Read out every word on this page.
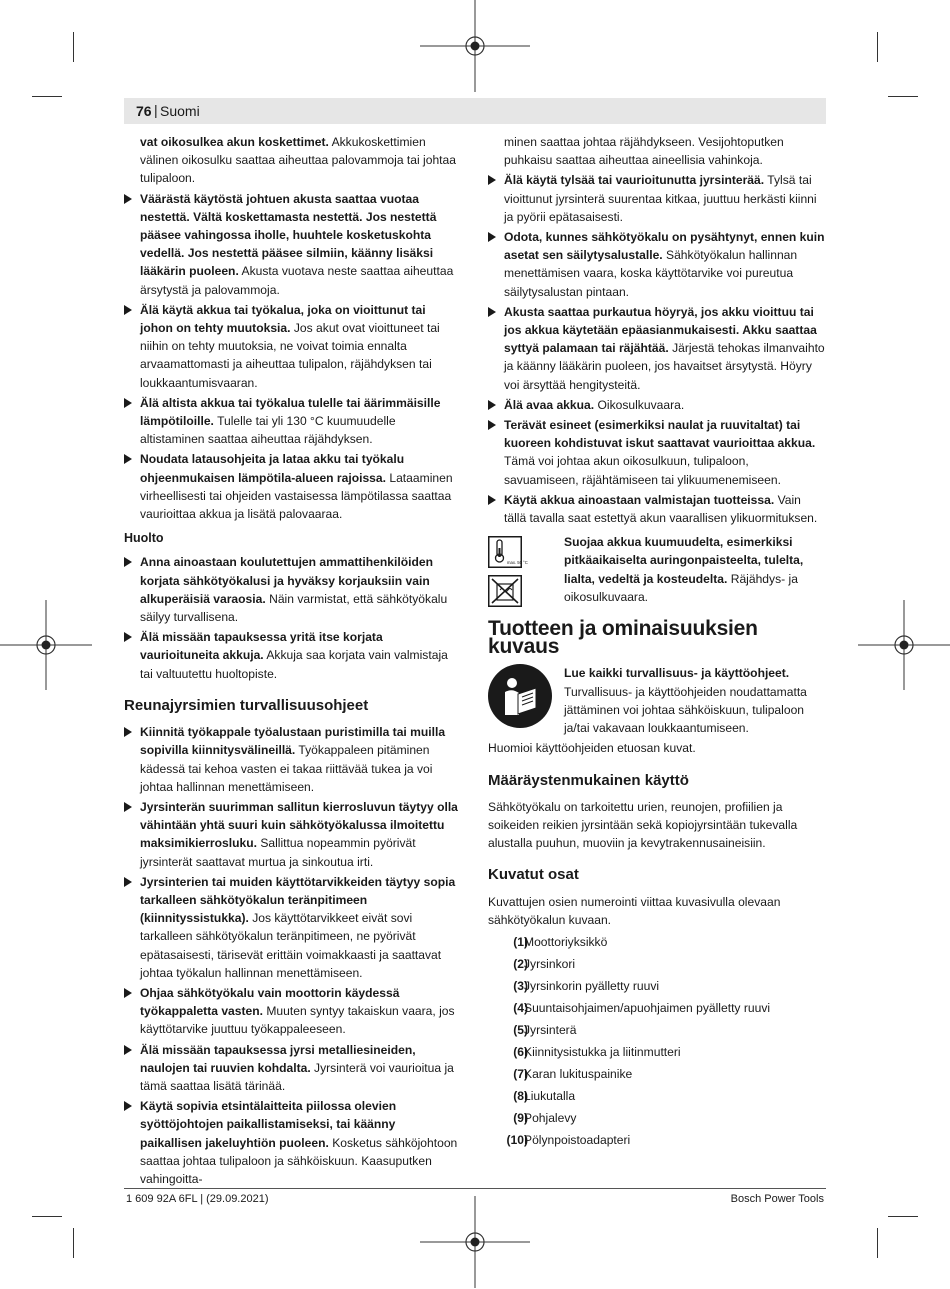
76 | Suomi

vat oikosulkea akun koskettimet. Akkukoskettimien välinen oikosulku saattaa aiheuttaa palovammoja tai johtaa tulipaloon.

Väärästä käytöstä johtuen akusta saattaa vuotaa nestettä. Vältä koskettamasta nestettä. Jos nestettä pääsee vahingossa iholle, huuhtele kosketuskohta vedellä. Jos nestettä pääsee silmiin, käänny lisäksi lääkärin puoleen. Akusta vuotava neste saattaa aiheuttaa ärsytystä ja palovammoja.
Älä käytä akkua tai työkalua, joka on vioittunut tai johon on tehty muutoksia. Jos akut ovat vioittuneet tai niihin on tehty muutoksia, ne voivat toimia ennalta arvaamattomasti ja aiheuttaa tulipalon, räjähdyksen tai loukkaantumisvaaran.
Älä altista akkua tai työkalua tulelle tai äärimmäisille lämpötiloille. Tulelle tai yli 130 °C kuumuudelle altistaminen saattaa aiheuttaa räjähdyksen.
Noudata latausohjeita ja lataa akku tai työkalu ohjeenmukaisen lämpötila-alueen rajoissa. Lataaminen virheellisesti tai ohjeiden vastaisessa lämpötilassa saattaa vaurioittaa akkua ja lisätä palovaaraa.
Huolto
Anna ainoastaan koulutettujen ammattihenkilöiden korjata sähkötyökalusi ja hyväksy korjauksiin vain alkuperäisiä varaosia. Näin varmistat, että sähkötyökalu säilyy turvallisena.
Älä missään tapauksessa yritä itse korjata vaurioituneita akkuja. Akkuja saa korjata vain valmistaja tai valtuutettu huoltopiste.
Reunajyrsimien turvallisuusohjeet
Kiinnitä työkappale työalustaan puristimilla tai muilla sopivilla kiinnitysvälineillä. Työkappaleen pitäminen kädessä tai kehoa vasten ei takaa riittävää tukea ja voi johtaa hallinnan menettämiseen.
Jyrsinterän suurimman sallitun kierrosluvun täytyy olla vähintään yhtä suuri kuin sähkötyökalussa ilmoitettu maksimikierrosluku. Sallittua nopeammin pyörivät jyrsinterät saattavat murtua ja sinkoutua irti.
Jyrsinterien tai muiden käyttötarvikkeiden täytyy sopia tarkalleen sähkötyökalun teränpitimeen (kiinnityssistukka). Jos käyttötarvikkeet eivät sovi tarkalleen sähkötyökalun teränpitimeen, ne pyörivät epätasaisesti, tärisevät erittäin voimakkaasti ja saattavat johtaa työkalun hallinnan menettämiseen.
Ohjaa sähkötyökalu vain moottorin käydessä työkappaletta vasten. Muuten syntyy takaiskun vaara, jos käyttötarvike juuttuu työkappaleeseen.
Älä missään tapauksessa jyrsi metalliesineiden, naulojen tai ruuvien kohdalta. Jyrsinterä voi vaurioitua ja tämä saattaa lisätä tärinää.
Käytä sopivia etsintälaitteita piilossa olevien syöttöjohtojen paikallistamiseksi, tai käänny paikallisen jakeluyhtiön puoleen. Kosketus sähköjohtoon saattaa johtaa tulipaloon ja sähköiskuun. Kaasuputken vahingoitta-

minen saattaa johtaa räjähdykseen. Vesijohtoputken puhkaisu saattaa aiheuttaa aineellisia vahinkoja.

Älä käytä tylsää tai vaurioitunutta jyrsinterää. Tylsä tai vioittunut jyrsinterä suurentaa kitkaa, juuttuu herkästi kiinni ja pyörii epätasaisesti.
Odota, kunnes sähkötyökalu on pysähtynyt, ennen kuin asetat sen säilytysalustalle. Sähkötyökalun hallinnan menettämisen vaara, koska käyttötarvike voi pureutua säilytysalustan pintaan.
Akusta saattaa purkautua höyryä, jos akku vioittuu tai jos akkua käytetään epäasianmukaisesti. Akku saattaa syttyä palamaan tai räjähtää. Järjestä tehokas ilmanvaihto ja käänny lääkärin puoleen, jos havaitset ärsytystä. Höyry voi ärsyttää hengitysteitä.
Älä avaa akkua. Oikosulkuvaara.
Terävät esineet (esimerkiksi naulat ja ruuvitaltat) tai kuoreen kohdistuvat iskut saattavat vaurioittaa akkua. Tämä voi johtaa akun oikosulkuun, tulipaloon, savuamiseen, räjähtämiseen tai ylikuumenemiseen.
Käytä akkua ainoastaan valmistajan tuotteissa. Vain tällä tavalla saat estettyä akun vaarallisen ylikuormituksen.
max. 50 °C
Suojaa akkua kuumuudelta, esimerkiksi pitkäaikaiselta auringonpaisteelta, tulelta, lialta, vedeltä ja kosteudelta. Räjähdys- ja oikosulkuvaara.
Tuotteen ja ominaisuuksien kuvaus
Lue kaikki turvallisuus- ja käyttöohjeet. Turvallisuus- ja käyttöohjeiden noudattamatta jättäminen voi johtaa sähköiskuun, tulipaloon ja/tai vakavaan loukkaantumiseen.

Huomioi käyttöohjeiden etuosan kuvat.

Määräystenmukainen käyttö

Sähkötyökalu on tarkoitettu urien, reunojen, profiilien ja soikeiden reikien jyrsintään sekä kopiojyrsintään tukevalla alustalla puuhun, muoviin ja kevytrakennusaineisiin.

Kuvatut osat

Kuvattujen osien numerointi viittaa kuvasivulla olevaan sähkötyökalun kuvaan.

(1)
Moottoriyksikkö
(2)
Jyrsinkori
(3)
Jyrsinkorin pyälletty ruuvi
(4)
Suuntaisohjaimen/apuohjaimen pyälletty ruuvi
(5)
Jyrsinterä
(6)
Kiinnitysistukka ja liitinmutteri
(7)
Karan lukituspainike
(8)
Liukutalla
(9)
Pohjalevy
(10)
Pölynpoistoadapteri
1 609 92A 6FL | (29.09.2021)	Bosch Power Tools
